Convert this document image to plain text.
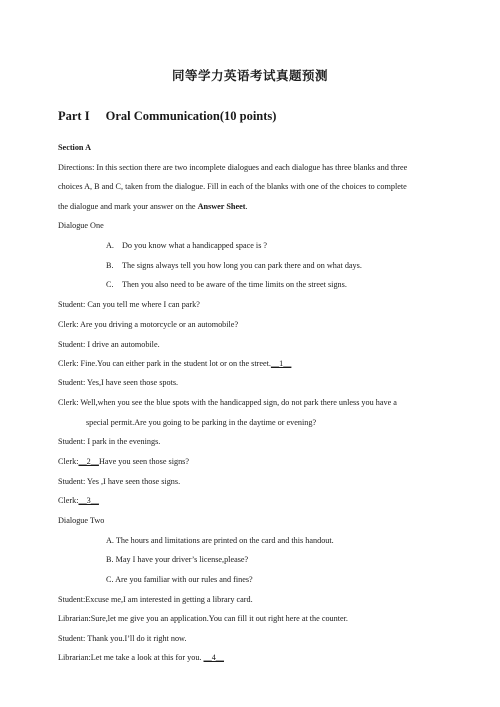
同等学力英语考试真题预测
Part I Oral Communication(10 points)
Section A
Directions: In this section there are two incomplete dialogues and each dialogue has three blanks and three
choices A, B and C, taken from the dialogue. Fill in each of the blanks with one of the choices to complete
the dialogue and mark your answer on the Answer Sheet.
Dialogue One
A. Do you know what a handicapped space is ?
B. The signs always tell you how long you can park there and on what days.
C. Then you also need to be aware of the time limits on the street signs.
Student: Can you tell me where I can park?
Clerk: Are you driving a motorcycle or an automobile?
Student: I drive an automobile.
Clerk: Fine.You can either park in the student lot or on the street.__1__
Student: Yes,I have seen those spots.
Clerk: Well,when you see the blue spots with the handicapped sign, do not park there unless you have a
special permit.Are you going to be parking in the daytime or evening?
Student: I park in the evenings.
Clerk:__2__Have you seen those signs?
Student: Yes ,I have seen those signs.
Clerk:__3__
Dialogue Two
A. The hours and limitations are printed on the card and this handout.
B. May I have your driver’s license,please?
C. Are you familiar with our rules and fines?
Student:Excuse me,I am interested in getting a library card.
Librarian:Sure,let me give you an application.You can fill it out right here at the counter.
Student: Thank you.I’ll do it right now.
Librarian:Let me take a look at this for you. __4__
